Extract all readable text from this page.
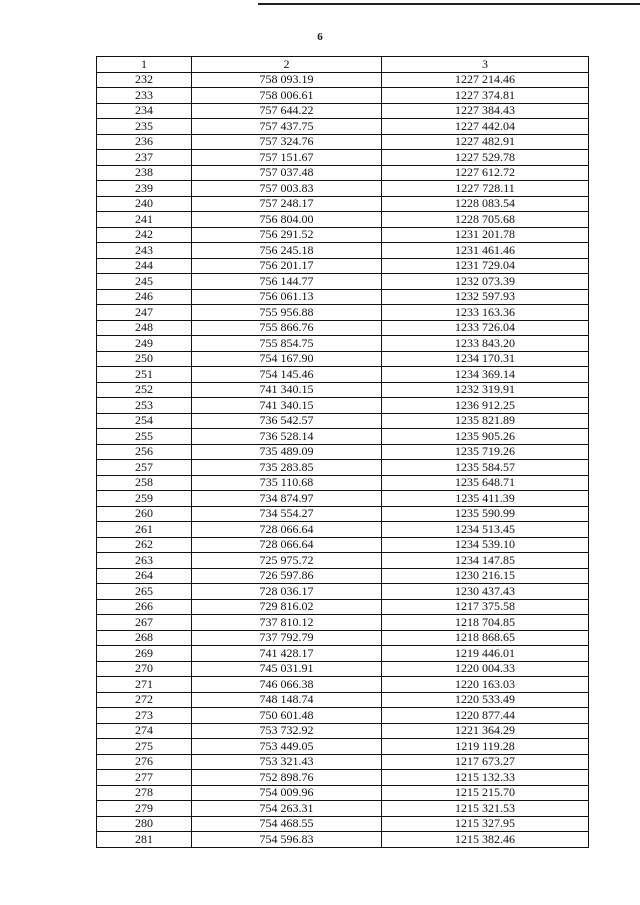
6
1	2	3
232	758 093.19	1227 214.46
233	758 006.61	1227 374.81
234	757 644.22	1227 384.43
235	757 437.75	1227 442.04
236	757 324.76	1227 482.91
237	757 151.67	1227 529.78
238	757 037.48	1227 612.72
239	757 003.83	1227 728.11
240	757 248.17	1228 083.54
241	756 804.00	1228 705.68
242	756 291.52	1231 201.78
243	756 245.18	1231 461.46
244	756 201.17	1231 729.04
245	756 144.77	1232 073.39
246	756 061.13	1232 597.93
247	755 956.88	1233 163.36
248	755 866.76	1233 726.04
249	755 854.75	1233 843.20
250	754 167.90	1234 170.31
251	754 145.46	1234 369.14
252	741 340.15	1232 319.91
253	741 340.15	1236 912.25
254	736 542.57	1235 821.89
255	736 528.14	1235 905.26
256	735 489.09	1235 719.26
257	735 283.85	1235 584.57
258	735 110.68	1235 648.71
259	734 874.97	1235 411.39
260	734 554.27	1235 590.99
261	728 066.64	1234 513.45
262	728 066.64	1234 539.10
263	725 975.72	1234 147.85
264	726 597.86	1230 216.15
265	728 036.17	1230 437.43
266	729 816.02	1217 375.58
267	737 810.12	1218 704.85
268	737 792.79	1218 868.65
269	741 428.17	1219 446.01
270	745 031.91	1220 004.33
271	746 066.38	1220 163.03
272	748 148.74	1220 533.49
273	750 601.48	1220 877.44
274	753 732.92	1221 364.29
275	753 449.05	1219 119.28
276	753 321.43	1217 673.27
277	752 898.76	1215 132.33
278	754 009.96	1215 215.70
279	754 263.31	1215 321.53
280	754 468.55	1215 327.95
281	754 596.83	1215 382.46
